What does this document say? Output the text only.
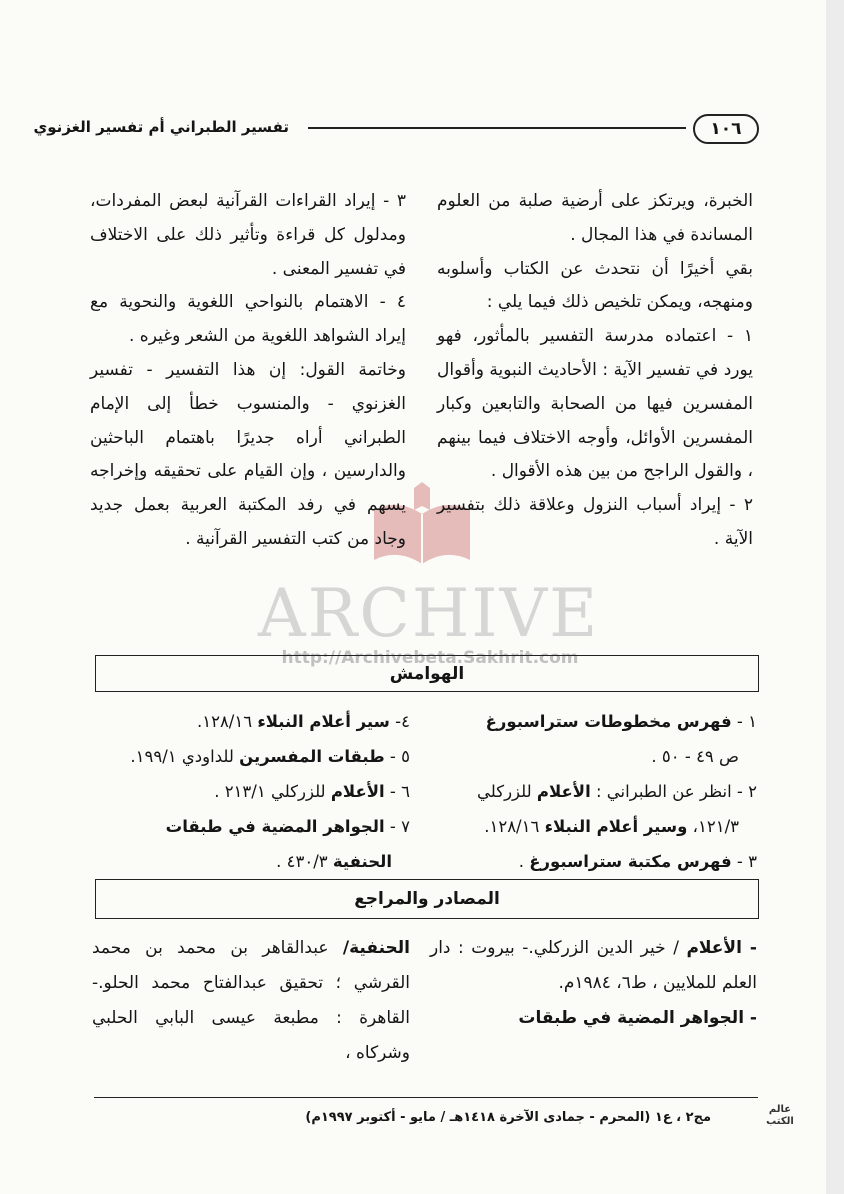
ARCHIVE
http://Archivebeta.Sakhrit.com
تفسير الطبراني أم تفسير الغزنوي	١٠٦

الخبرة، ويرتكز على أرضية صلبة من العلوم المساندة في هذا المجال .

بقي أخيرًا أن نتحدث عن الكتاب وأسلوبه ومنهجه، ويمكن تلخيص ذلك فيما يلي :

١ - اعتماده مدرسة التفسير بالمأثور، فهو يورد في تفسير الآية : الأحاديث النبوية وأقوال المفسرين فيها من الصحابة والتابعين وكبار المفسرين الأوائل، وأوجه الاختلاف فيما بينهم ، والقول الراجح من بين هذه الأقوال .

٢ - إيراد أسباب النزول وعلاقة ذلك بتفسير الآية .

٣ - إيراد القراءات القرآنية لبعض المفردات، ومدلول كل قراءة وتأثير ذلك على الاختلاف في تفسير المعنى .

٤ - الاهتمام بالنواحي اللغوية والنحوية مع إيراد الشواهد اللغوية من الشعر وغيره .

وخاتمة القول: إن هذا التفسير - تفسير الغزنوي - والمنسوب خطأ إلى الإمام الطبراني أراه جديرًا باهتمام الباحثين والدارسين ، وإن القيام على تحقيقه وإخراجه يسهم في رفد المكتبة العربية بعمل جديد وجاد من كتب التفسير القرآنية .

الهوامش

١ - فهرس مخطوطات ستراسبورغ

ص ٤٩ - ٥٠ .

٢ - انظر عن الطبراني : الأعلام للزركلي

١٢١/٣، وسير أعلام النبلاء ١٢٨/١٦.

٣ - فهرس مكتبة ستراسبورغ .

٤- سير أعلام النبلاء ١٢٨/١٦.

٥ - طبقات المفسرين للداودي ١٩٩/١.

٦ - الأعلام للزركلي ٢١٣/١ .

٧ - الجواهر المضية في طبقات

الحنفية ٤٣٠/٣ .

المصادر والمراجع

- الأعلام / خير الدين الزركلي.- بيروت : دار العلم للملايين ، ط٦، ١٩٨٤م.

- الجواهر المضية في طبقات

الحنفية/ عبدالقاهر بن محمد بن محمد القرشي ؛ تحقيق عبدالفتاح محمد الحلو.- القاهرة : مطبعة عيسى البابي الحلبي وشركاه ،

مج٢ ، ع١ (المحرم - جمادى الآخرة ١٤١٨هـ / مايو - أكتوبر ١٩٩٧م)
عالم الكتب
